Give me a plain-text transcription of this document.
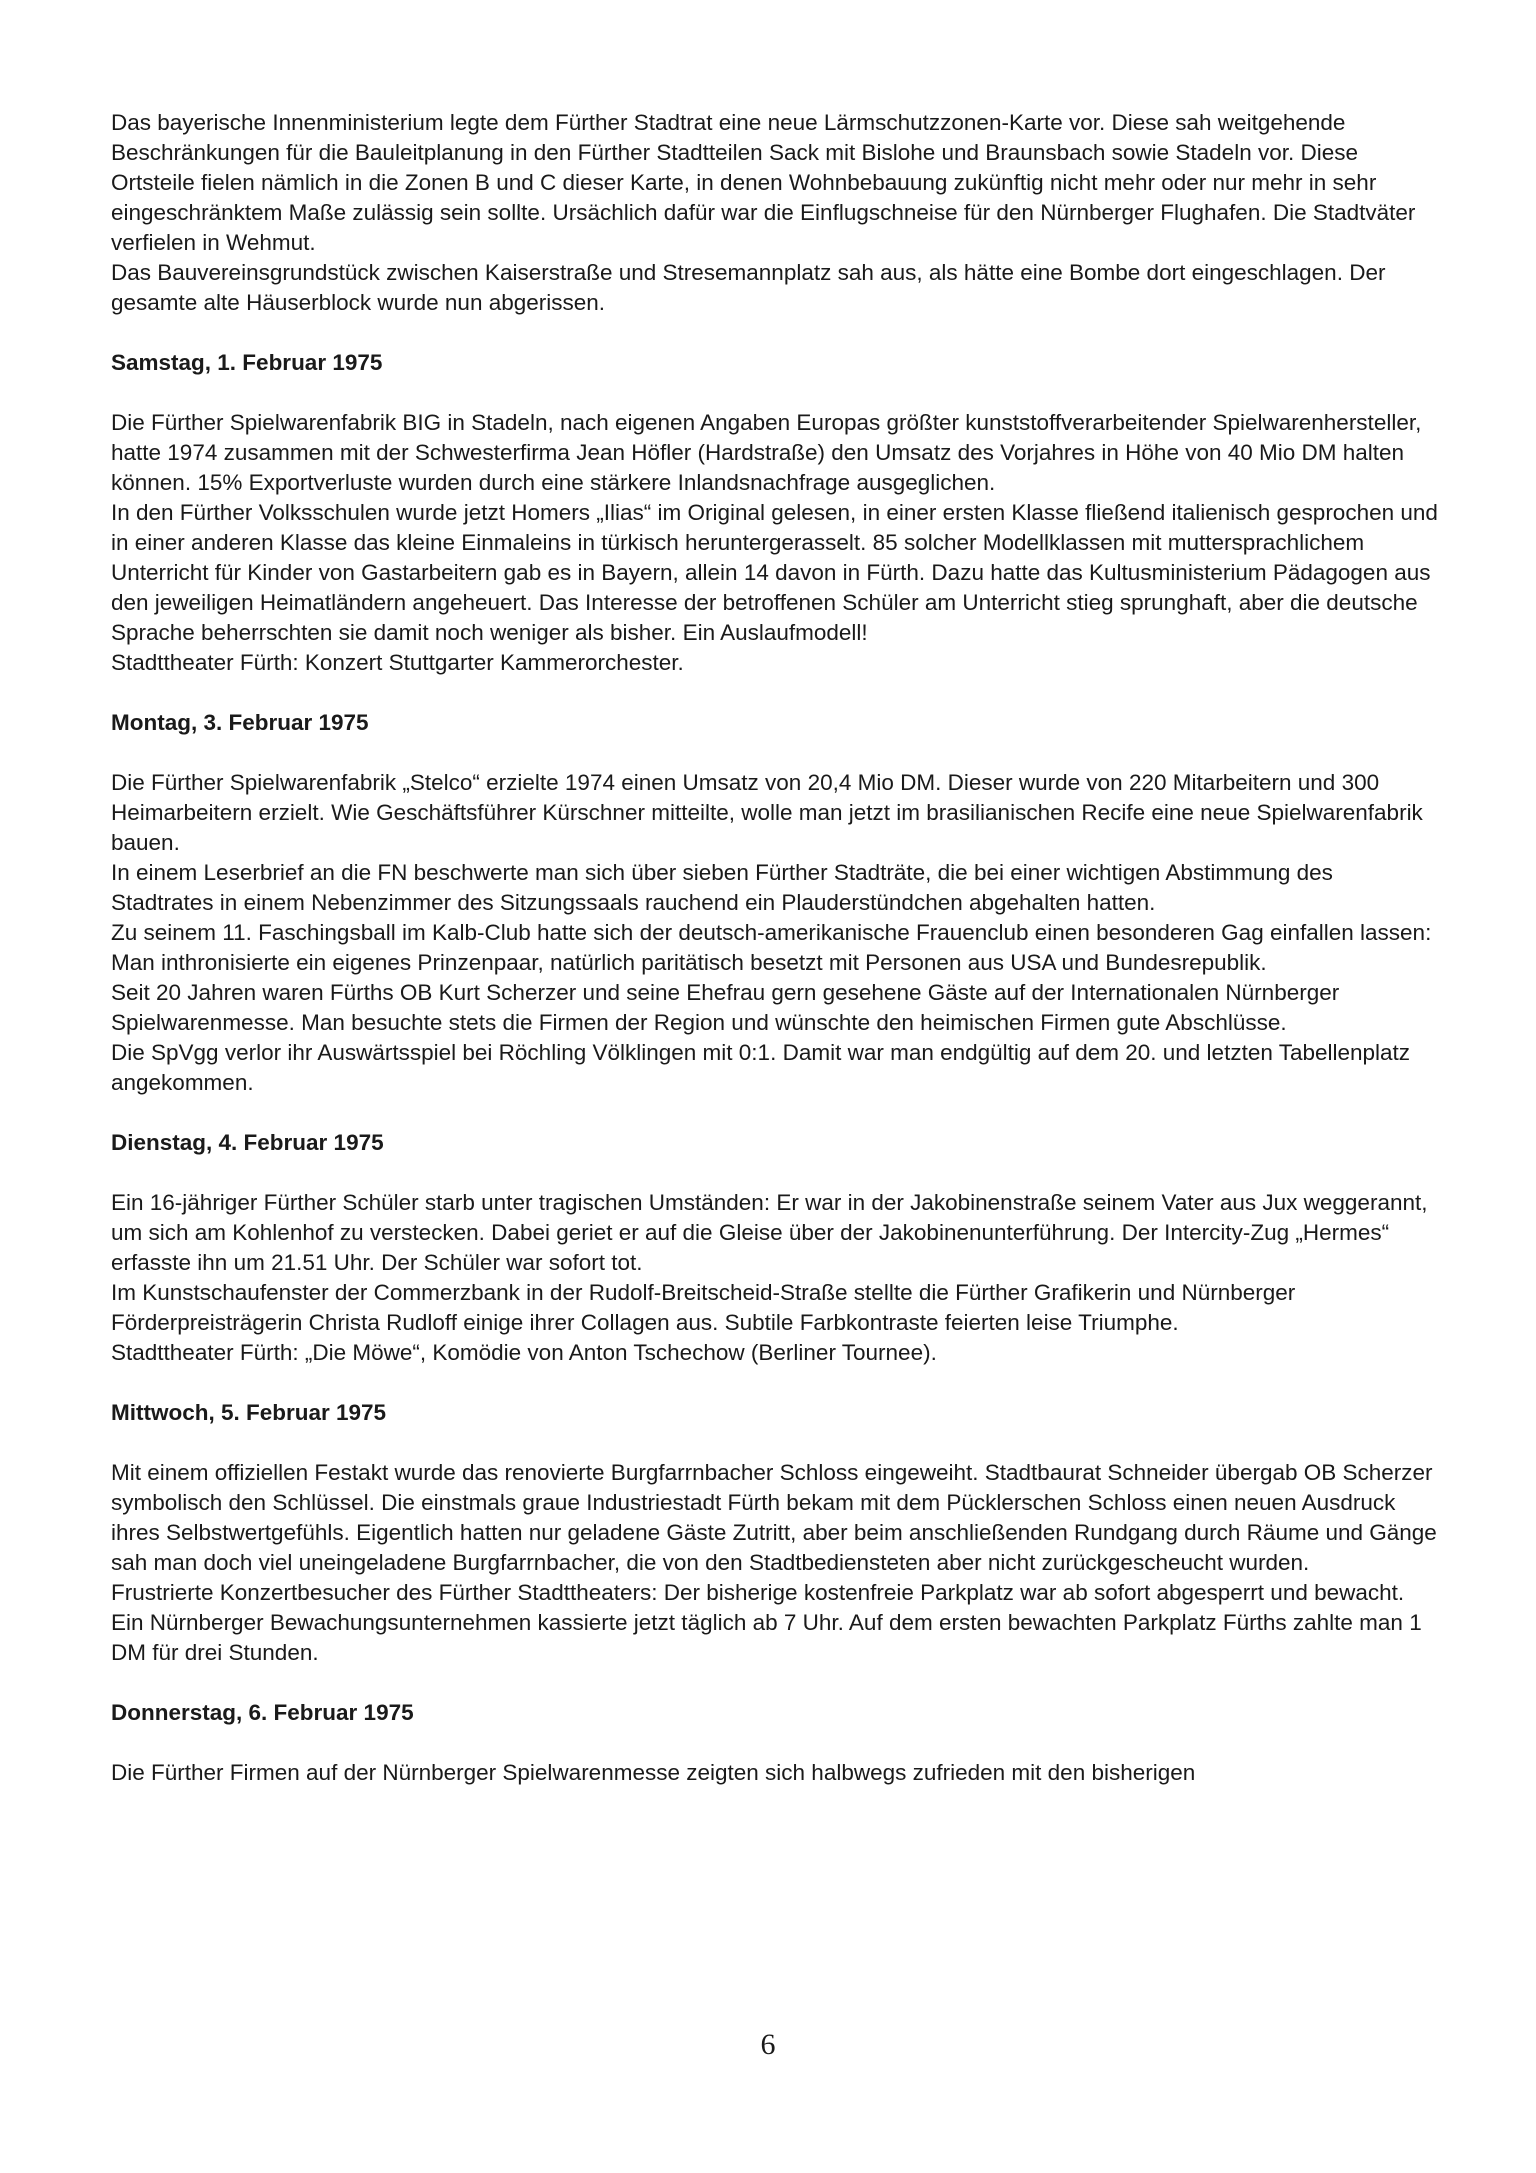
Das bayerische Innenministerium legte dem Fürther Stadtrat eine neue Lärmschutzzonen-Karte vor. Diese sah weitgehende Beschränkungen für die Bauleitplanung in den Fürther Stadtteilen Sack mit Bislohe und Braunsbach sowie Stadeln vor. Diese Ortsteile fielen nämlich in die Zonen B und C dieser Karte, in denen Wohnbebauung zukünftig nicht mehr oder nur mehr in sehr eingeschränktem Maße zulässig sein sollte. Ursächlich dafür war die Einflugschneise für den Nürnberger Flughafen. Die Stadtväter verfielen in Wehmut.

Das Bauvereinsgrundstück zwischen Kaiserstraße und Stresemannplatz sah aus, als hätte eine Bombe dort eingeschlagen. Der gesamte alte Häuserblock wurde nun abgerissen.

Samstag, 1. Februar 1975

Die Fürther Spielwarenfabrik BIG in Stadeln, nach eigenen Angaben Europas größter kunststoffverarbeitender Spielwarenhersteller, hatte 1974 zusammen mit der Schwesterfirma Jean Höfler (Hardstraße) den Umsatz des Vorjahres in Höhe von 40 Mio DM halten können. 15% Exportverluste wurden durch eine stärkere Inlandsnachfrage ausgeglichen.

In den Fürther Volksschulen wurde jetzt Homers „Ilias“ im Original gelesen, in einer ersten Klasse fließend italienisch gesprochen und in einer anderen Klasse das kleine Einmaleins in türkisch heruntergerasselt. 85 solcher Modellklassen mit muttersprachlichem Unterricht für Kinder von Gastarbeitern gab es in Bayern, allein 14 davon in Fürth. Dazu hatte das Kultusministerium Pädagogen aus den jeweiligen Heimatländern angeheuert. Das Interesse der betroffenen Schüler am Unterricht stieg sprunghaft, aber die deutsche Sprache beherrschten sie damit noch weniger als bisher. Ein Auslaufmodell!

Stadttheater Fürth: Konzert Stuttgarter Kammerorchester.

Montag, 3. Februar 1975

Die Fürther Spielwarenfabrik „Stelco“ erzielte 1974 einen Umsatz von 20,4 Mio DM. Dieser wurde von 220 Mitarbeitern und 300 Heimarbeitern erzielt. Wie Geschäftsführer Kürschner mitteilte, wolle man jetzt im brasilianischen Recife eine neue Spielwarenfabrik bauen.

In einem Leserbrief an die FN beschwerte man sich über sieben Fürther Stadträte, die bei einer wichtigen Abstimmung des Stadtrates in einem Nebenzimmer des Sitzungssaals rauchend ein Plauderstündchen abgehalten hatten.

Zu seinem 11. Faschingsball im Kalb-Club hatte sich der deutsch-amerikanische Frauenclub einen besonderen Gag einfallen lassen: Man inthronisierte ein eigenes Prinzenpaar, natürlich paritätisch besetzt mit Personen aus USA und Bundesrepublik.

Seit 20 Jahren waren Fürths OB Kurt Scherzer und seine Ehefrau gern gesehene Gäste auf der Internationalen Nürnberger Spielwarenmesse. Man besuchte stets die Firmen der Region und wünschte den heimischen Firmen gute Abschlüsse.

Die SpVgg verlor ihr Auswärtsspiel bei Röchling Völklingen mit 0:1. Damit war man endgültig auf dem 20. und letzten Tabellenplatz angekommen.

Dienstag, 4. Februar 1975

Ein 16-jähriger Fürther Schüler starb unter tragischen Umständen: Er war in der Jakobinenstraße seinem Vater aus Jux weggerannt, um sich am Kohlenhof zu verstecken. Dabei geriet er auf die Gleise über der Jakobinenunterführung. Der Intercity-Zug „Hermes“ erfasste ihn um 21.51 Uhr. Der Schüler war sofort tot.

Im Kunstschaufenster der Commerzbank in der Rudolf-Breitscheid-Straße stellte die Fürther Grafikerin und Nürnberger Förderpreisträgerin Christa Rudloff einige ihrer Collagen aus. Subtile Farbkontraste feierten leise Triumphe.

Stadttheater Fürth: „Die Möwe“, Komödie von Anton Tschechow (Berliner Tournee).

Mittwoch, 5. Februar 1975

Mit einem offiziellen Festakt wurde das renovierte Burgfarrnbacher Schloss eingeweiht. Stadtbaurat Schneider übergab OB Scherzer symbolisch den Schlüssel. Die einstmals graue Industriestadt Fürth bekam mit dem Pücklerschen Schloss einen neuen Ausdruck ihres Selbstwertgefühls. Eigentlich hatten nur geladene Gäste Zutritt, aber beim anschließenden Rundgang durch Räume und Gänge sah man doch viel uneingeladene Burgfarrnbacher, die von den Stadtbediensteten aber nicht zurückgescheucht wurden.

Frustrierte Konzertbesucher des Fürther Stadttheaters: Der bisherige kostenfreie Parkplatz war ab sofort abgesperrt und bewacht. Ein Nürnberger Bewachungsunternehmen kassierte jetzt täglich ab 7 Uhr. Auf dem ersten bewachten Parkplatz Fürths zahlte man 1 DM für drei Stunden.

Donnerstag, 6. Februar 1975

Die Fürther Firmen auf der Nürnberger Spielwarenmesse zeigten sich halbwegs zufrieden mit den bisherigen

6
